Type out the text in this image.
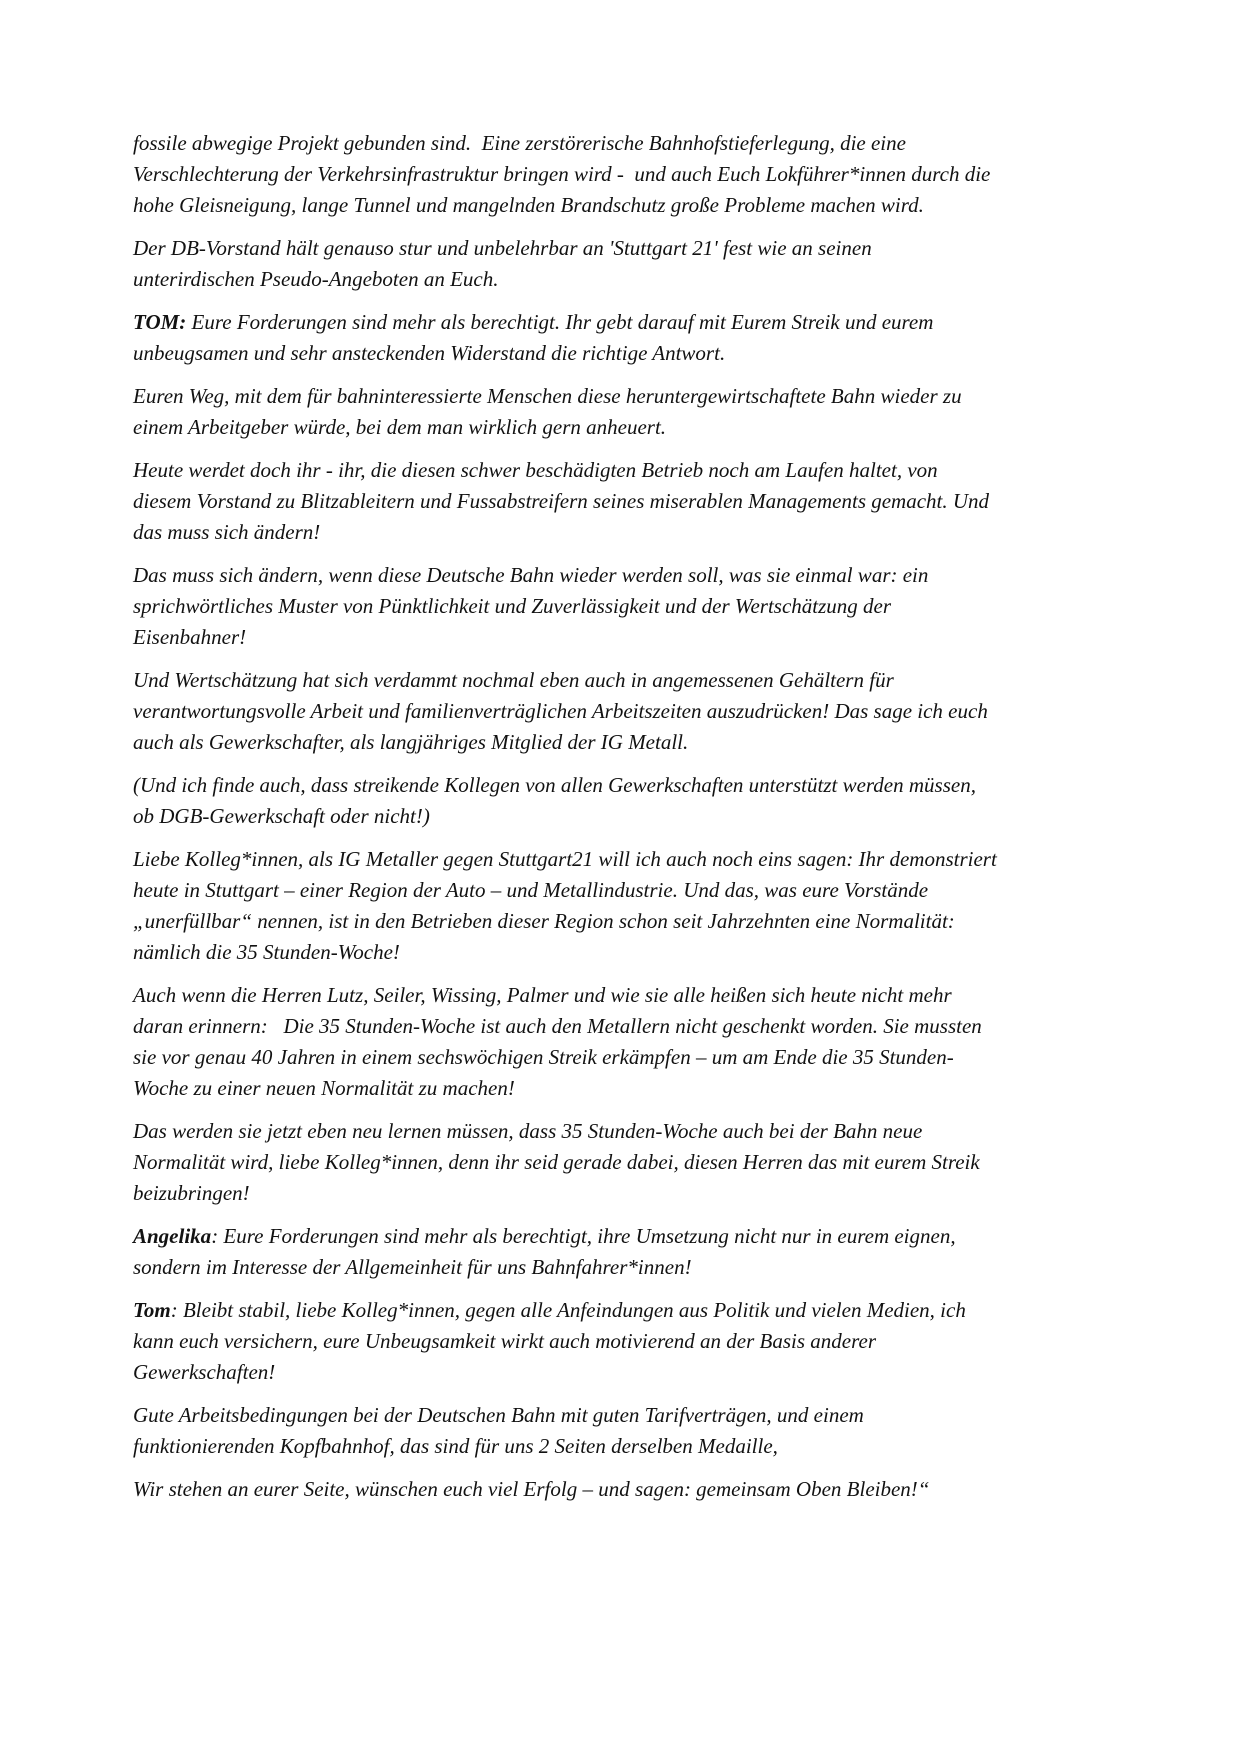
fossile abwegige Projekt gebunden sind.  Eine zerstörerische Bahnhofstieferlegung, die eine
Verschlechterung der Verkehrsinfrastruktur bringen wird -  und auch Euch Lokführer*innen durch die
hohe Gleisneigung, lange Tunnel und mangelnden Brandschutz große Probleme machen wird.

Der DB-Vorstand hält genauso stur und unbelehrbar an 'Stuttgart 21' fest wie an seinen
unterirdischen Pseudo-Angeboten an Euch.

TOM: Eure Forderungen sind mehr als berechtigt. Ihr gebt darauf mit Eurem Streik und eurem
unbeugsamen und sehr ansteckenden Widerstand die richtige Antwort.

Euren Weg, mit dem für bahninteressierte Menschen diese heruntergewirtschaftete Bahn wieder zu
einem Arbeitgeber würde, bei dem man wirklich gern anheuert.

Heute werdet doch ihr - ihr, die diesen schwer beschädigten Betrieb noch am Laufen haltet, von
diesem Vorstand zu Blitzableitern und Fussabstreifern seines miserablen Managements gemacht. Und
das muss sich ändern!

Das muss sich ändern, wenn diese Deutsche Bahn wieder werden soll, was sie einmal war: ein
sprichwörtliches Muster von Pünktlichkeit und Zuverlässigkeit und der Wertschätzung der
Eisenbahner!

Und Wertschätzung hat sich verdammt nochmal eben auch in angemessenen Gehältern für
verantwortungsvolle Arbeit und familienverträglichen Arbeitszeiten auszudrücken! Das sage ich euch
auch als Gewerkschafter, als langjähriges Mitglied der IG Metall.

(Und ich finde auch, dass streikende Kollegen von allen Gewerkschaften unterstützt werden müssen,
ob DGB-Gewerkschaft oder nicht!)

Liebe Kolleg*innen, als IG Metaller gegen Stuttgart21 will ich auch noch eins sagen: Ihr demonstriert
heute in Stuttgart – einer Region der Auto – und Metallindustrie. Und das, was eure Vorstände
„unerfüllbar“ nennen, ist in den Betrieben dieser Region schon seit Jahrzehnten eine Normalität:
nämlich die 35 Stunden-Woche!

Auch wenn die Herren Lutz, Seiler, Wissing, Palmer und wie sie alle heißen sich heute nicht mehr
daran erinnern:   Die 35 Stunden-Woche ist auch den Metallern nicht geschenkt worden. Sie mussten
sie vor genau 40 Jahren in einem sechswöchigen Streik erkämpfen – um am Ende die 35 Stunden-
Woche zu einer neuen Normalität zu machen!

Das werden sie jetzt eben neu lernen müssen, dass 35 Stunden-Woche auch bei der Bahn neue
Normalität wird, liebe Kolleg*innen, denn ihr seid gerade dabei, diesen Herren das mit eurem Streik
beizubringen!

Angelika: Eure Forderungen sind mehr als berechtigt, ihre Umsetzung nicht nur in eurem eignen,
sondern im Interesse der Allgemeinheit für uns Bahnfahrer*innen!

Tom: Bleibt stabil, liebe Kolleg*innen, gegen alle Anfeindungen aus Politik und vielen Medien, ich
kann euch versichern, eure Unbeugsamkeit wirkt auch motivierend an der Basis anderer
Gewerkschaften!

Gute Arbeitsbedingungen bei der Deutschen Bahn mit guten Tarifverträgen, und einem
funktionierenden Kopfbahnhof, das sind für uns 2 Seiten derselben Medaille,

Wir stehen an eurer Seite, wünschen euch viel Erfolg – und sagen: gemeinsam Oben Bleiben!“
